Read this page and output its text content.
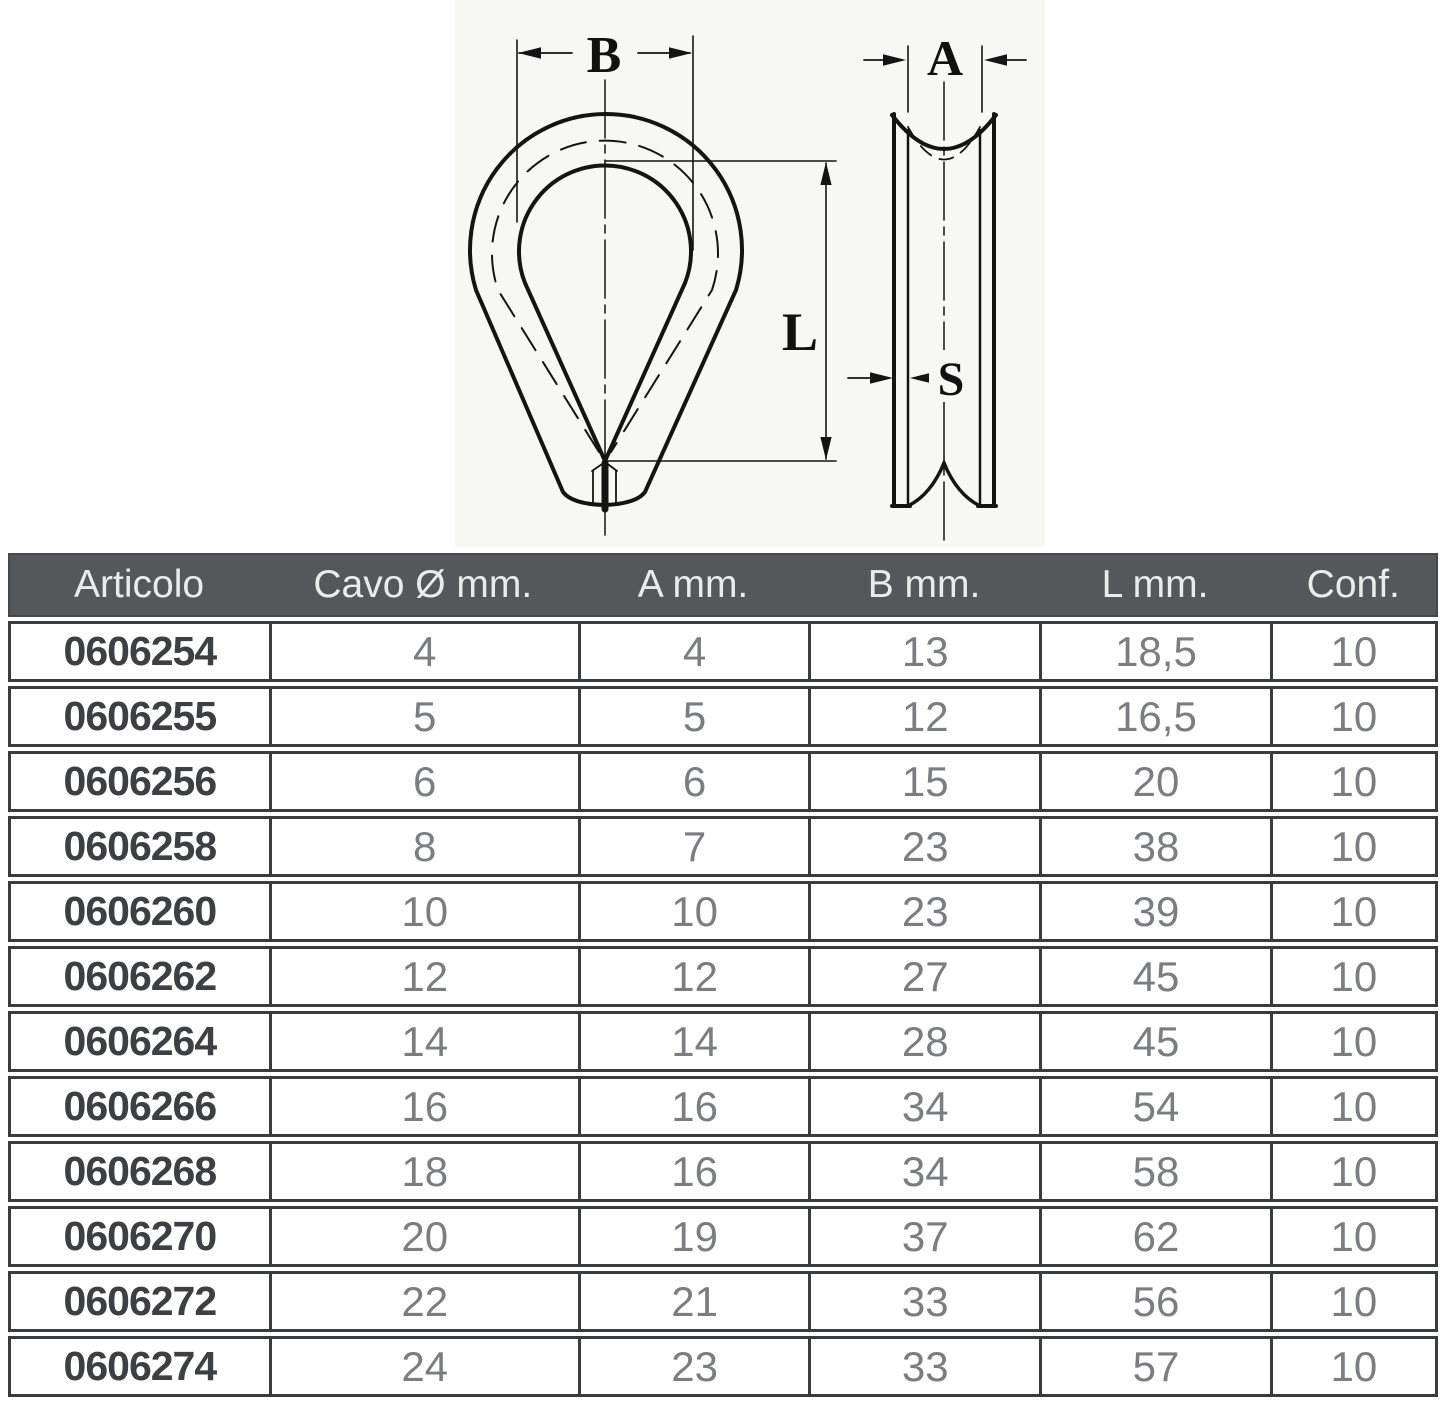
B
L
A
S
Articolo	Cavo Ø mm.	A mm.	B mm.	L mm.	Conf.
0606254	4	4	13	18,5	10
0606255	5	5	12	16,5	10
0606256	6	6	15	20	10
0606258	8	7	23	38	10
0606260	10	10	23	39	10
0606262	12	12	27	45	10
0606264	14	14	28	45	10
0606266	16	16	34	54	10
0606268	18	16	34	58	10
0606270	20	19	37	62	10
0606272	22	21	33	56	10
0606274	24	23	33	57	10
